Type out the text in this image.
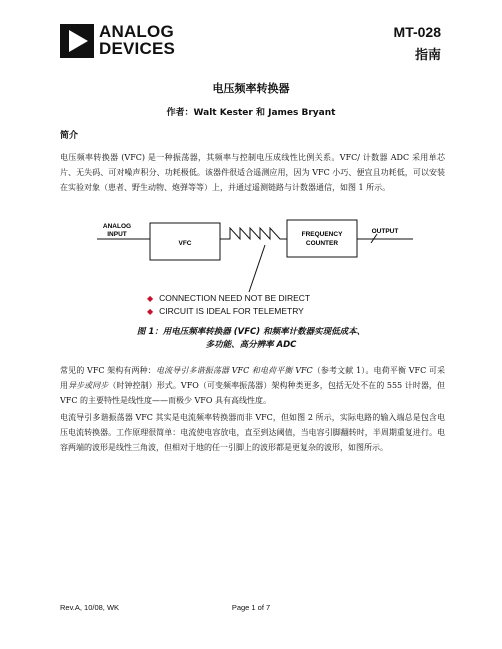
ANALOG
DEVICES
MT-028
指南
电压频率转换器
作者：Walt Kester 和 James Bryant
简介
电压频率转换器 (VFC) 是一种振荡器，其频率与控制电压成线性比例关系。VFC/ 计数器 ADC 采用单芯片、无失码、可对噪声积分、功耗极低。该器件很适合遥测应用，因为 VFC 小巧、便宜且功耗低，可以安装在实验对象（患者、野生动物、炮弹等等）上，并通过遥测链路与计数器通信，如图 1 所示。
ANALOG
INPUT
VFC
FREQUENCY
COUNTER
OUTPUT
◆ CONNECTION NEED NOT BE DIRECT
◆ CIRCUIT IS IDEAL FOR TELEMETRY
图 1：用电压频率转换器 (VFC) 和频率计数器实现低成本、
多功能、高分辨率 ADC
常见的 VFC 架构有两种：电流导引多谐振荡器 VFC 和电荷平衡 VFC（参考文献 1）。电荷平衡 VFC 可采用异步或同步（时钟控制）形式。VFO（可变频率振荡器）架构种类更多，包括无处不在的 555 计时器，但 VFC 的主要特性是线性度——而极少 VFO 具有高线性度。
电流导引多谐振荡器 VFC 其实是电流频率转换器而非 VFC，但如图 2 所示，实际电路的输入端总是包含电压电流转换器。工作原理很简单：电流使电容放电，直至到达阈值，当电容引脚翻转时，半周期重复进行。电容两端的波形是线性三角波，但相对于地的任一引脚上的波形都是更复杂的波形，如图所示。
Rev.A, 10/08, WK	Page 1 of 7
